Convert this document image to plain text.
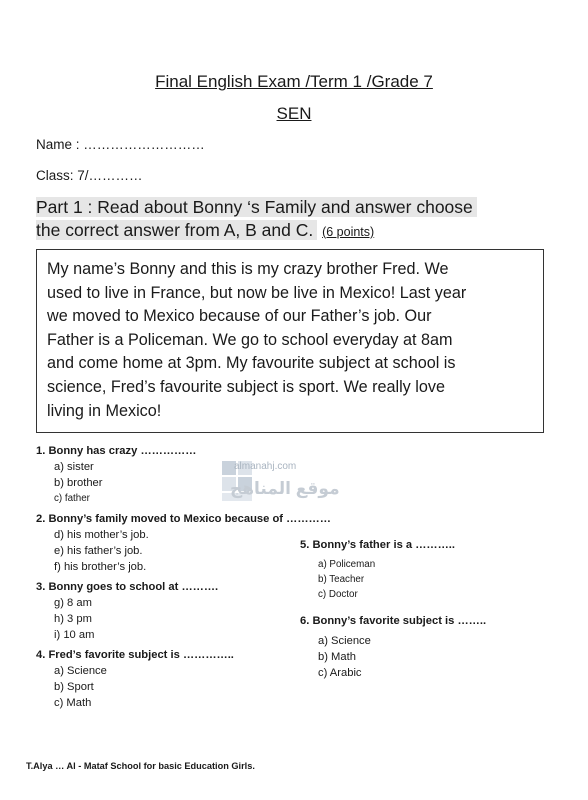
Final English Exam /Term 1 /Grade 7
SEN
Name : ………………………
Class: 7/…………
Part 1 : Read about Bonny ‘s Family and answer choose
the correct answer from A, B and C. (6 points)
My name’s Bonny and this is my crazy brother Fred. We
used to live in France, but now be live in Mexico! Last year
we moved to Mexico because of our Father’s job. Our
Father is a Policeman. We go to school everyday at 8am
and come home at 3pm. My favourite subject at school is
science, Fred’s favourite subject is sport. We really love
living in Mexico!
almanahj.com
موقع المناهج
1. Bonny has crazy ……………
a) sister
b) brother
c) father
2. Bonny’s family moved to Mexico because of …………
d) his mother’s job.
e) his father’s job.
f) his brother’s job.
3. Bonny goes to school at ……….
g) 8 am
h) 3 pm
i) 10 am
4. Fred’s favorite subject is …………..
a) Science
b) Sport
c) Math
5. Bonny’s father is a ………..
a) Policeman
b) Teacher
c) Doctor
6. Bonny’s favorite subject is ……..
a) Science
b) Math
c) Arabic
T.Alya … Al - Mataf School for basic Education Girls.
